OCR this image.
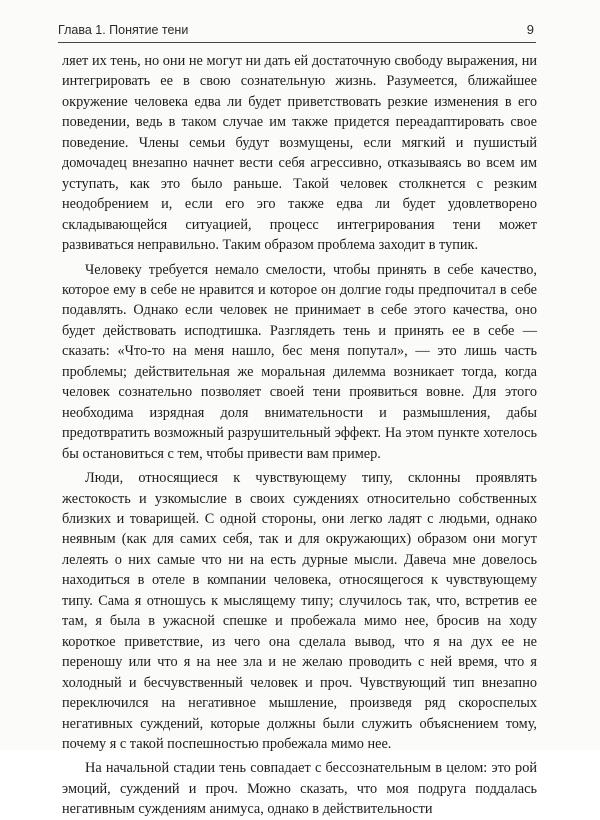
Глава 1. Понятие тени	9

ляет их тень, но они не могут ни дать ей достаточную свободу выражения, ни интегрировать ее в свою сознательную жизнь. Разумеется, ближайшее окружение человека едва ли будет приветствовать резкие изменения в его поведении, ведь в таком случае им также придется переадаптировать свое поведение. Члены семьи будут возмущены, если мягкий и пушистый домочадец внезапно начнет вести себя агрессивно, отказываясь во всем им уступать, как это было раньше. Такой человек столкнется с резким неодобрением и, если его эго также едва ли будет удовлетворено складывающейся ситуацией, процесс интегрирования тени может развиваться неправильно. Таким образом проблема заходит в тупик.

Человеку требуется немало смелости, чтобы принять в себе качество, которое ему в себе не нравится и которое он долгие годы предпочитал в себе подавлять. Однако если человек не принимает в себе этого качества, оно будет действовать исподтишка. Разглядеть тень и принять ее в себе — сказать: «Что-то на меня нашло, бес меня попутал», — это лишь часть проблемы; действительная же моральная дилемма возникает тогда, когда человек сознательно позволяет своей тени проявиться вовне. Для этого необходима изрядная доля внимательности и размышления, дабы предотвратить возможный разрушительный эффект. На этом пункте хотелось бы остановиться с тем, чтобы привести вам пример.

Люди, относящиеся к чувствующему типу, склонны проявлять жестокость и узкомыслие в своих суждениях относительно собственных близких и товарищей. С одной стороны, они легко ладят с людьми, однако неявным (как для самих себя, так и для окружающих) образом они могут лелеять о них самые что ни на есть дурные мысли. Давеча мне довелось находиться в отеле в компании человека, относящегося к чувствующему типу. Сама я отношусь к мыслящему типу; случилось так, что, встретив ее там, я была в ужасной спешке и пробежала мимо нее, бросив на ходу короткое приветствие, из чего она сделала вывод, что я на дух ее не переношу или что я на нее зла и не желаю проводить с ней время, что я холодный и бесчувственный человек и проч. Чувствующий тип внезапно переключился на негативное мышление, произведя ряд скороспелых негативных суждений, которые должны были служить объяснением тому, почему я с такой поспешностью пробежала мимо нее.

На начальной стадии тень совпадает с бессознательным в целом: это рой эмоций, суждений и проч. Можно сказать, что моя подруга поддалась негативным суждениям анимуса, однако в действительности
